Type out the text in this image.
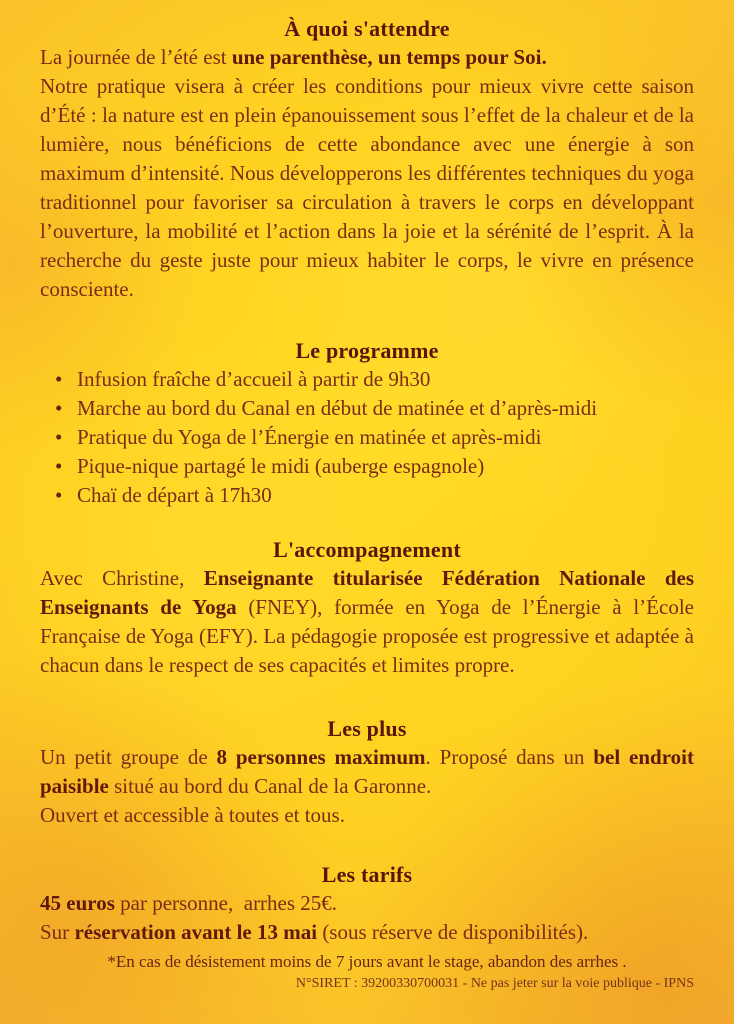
À quoi s'attendre

La journée de l’été est une parenthèse, un temps pour Soi.

Notre pratique visera à créer les conditions pour mieux vivre cette saison d’Été : la nature est en plein épanouissement sous l’effet de la chaleur et de la lumière, nous bénéficions de cette abondance avec une énergie à son maximum d’intensité. Nous développerons les différentes techniques du yoga traditionnel pour favoriser sa circulation à travers le corps en développant l’ouverture, la mobilité et l’action dans la joie et la sérénité de l’esprit. À la recherche du geste juste pour mieux habiter le corps, le vivre en présence consciente.

Le programme
• Infusion fraîche d’accueil à partir de 9h30
• Marche au bord du Canal en début de matinée et d’après-midi
• Pratique du Yoga de l’Énergie en matinée et après-midi
• Pique-nique partagé le midi (auberge espagnole)
• Chaï de départ à 17h30
L'accompagnement

Avec Christine, Enseignante titularisée Fédération Nationale des Enseignants de Yoga (FNEY), formée en Yoga de l’Énergie à l’École Française de Yoga (EFY). La pédagogie proposée est progressive et adaptée à chacun dans le respect de ses capacités et limites propre.

Les plus

Un petit groupe de 8 personnes maximum. Proposé dans un bel endroit paisible situé au bord du Canal de la Garonne.

Ouvert et accessible à toutes et tous.

Les tarifs

45 euros par personne,  arrhes 25€.

Sur réservation avant le 13 mai (sous réserve de disponibilités).

*En cas de désistement moins de 7 jours avant le stage, abandon des arrhes .

N°SIRET : 39200330700031 - Ne pas jeter sur la voie publique - IPNS
